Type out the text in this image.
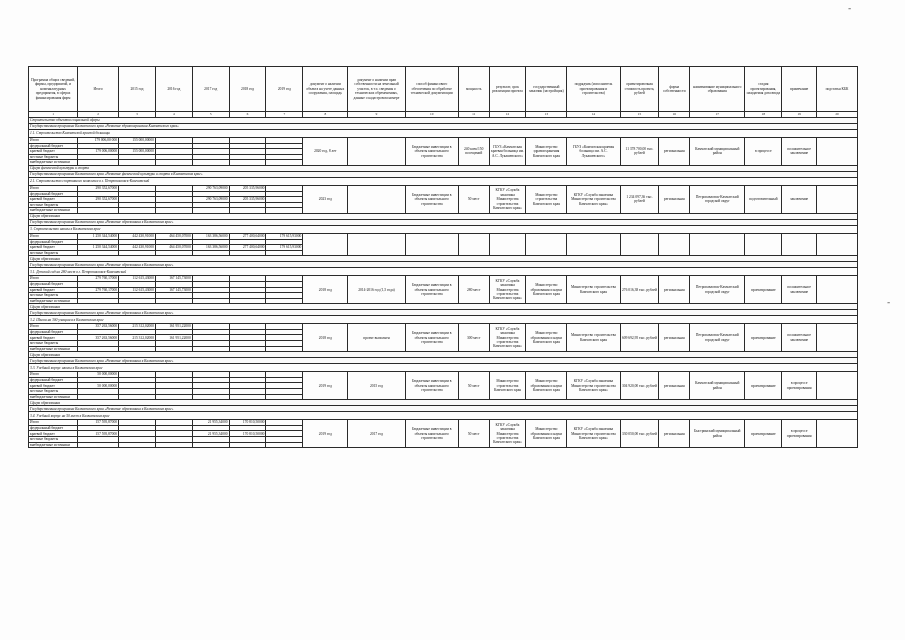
-
-
Программа общих сведений, фирмы, предприятий, и номенклатурных предприятия, в сферах финансирования фирм	Итого	2015 год	2016 год	2017 год	2018 год	2019 год	документ о наличии объекта на учете данных сооружения, площадь	документ о наличии прав собственности на земельный участок, в т.ч. сведения о технических обременениях, данные о кадастровом номере	способ финансового обеспечения по обработке технической документации	мощность	результат, срок реализации проекта	государственный заказчик (застройщик)	подрядчик (исполнитель проектирования и строительства)	ориентировочная стоимость проекта, рублей	форма собственности	наименование муниципального образования	стадия проектирования, ожидаемая дата ввода	примечание	подстатья КБК
1	2	3	4	5	6	7	8	9	10	11	12	13	14	15	16	17	18	19	20
Строительство объектов социальной сферы																			
Государственная программа Камчатского края «Развитие здравоохранения Камчатского края»																			
1.1. Строительство Камчатской краевой больницы																			
Итого	179 006,00 000	155 000,00000					2020 год, 8 лет		Бюджетные инвестиции в объекты капитального строительства	240 коек/150 посещений	ГБУЗ «Камчатская краевая больница им. А.С. Лукашевского»	Министерство здравоохранения Камчатского края	ГБУЗ «Камчатская краевая больница им. А.С. Лукашевского»	11 378 700,00 тыс. рублей	региональная	Камчатский муниципальный район	в процессе	положительное заключение	
федеральный бюджет																			
краевой бюджет	179 006,00000	155 000,00000																	
местные бюджеты																			
внебюджетные источники																			
Сфера физической культуры и спорта																			
Государственная программа Камчатского края «Развитие физической культуры и спорта в Камчатском крае»																			
2.1. Строительство спортивного комплекса в г. Петропавловск-Камчатский																			
Итого	290 352,67000			290 763,09000	205 335,96000		2023 год		Бюджетные инвестиции в объекты капитального строительства	50 мест	КГКУ «Служба заказчика Министерства строительства Камчатского края»	Министерство строительства Камчатского края	КГКУ «Служба заказчика Министерства строительства Камчатского края»	1 234 097,36 тыс. рублей	региональная	Петропавловск-Камчатский городской округ	подготовительный	заключение	
федеральный бюджет																			
краевой бюджет	290 352,67000			290 763,09000	205 335,96000														
местные бюджеты																			
внебюджетные источники																			
Сфера образования																			
Государственная программа Камчатского края «Развитие образования в Камчатском крае»																			
3. Строительство школы в Камчатском крае																			
Итого	1 250 344,54000	442 430,91000	464 450,07000	163 386,56000	277 400,64000	179 615,93000													
федеральный бюджет																			
краевой бюджет	1 250 344,54000	442 430,91000	464 450,07000	163 386,56000	277 400,64000	179 615,93000													
местные бюджеты																			
Сфера образования																			
Государственная программа Камчатского края «Развитие образования в Камчатском крае»																			
3.1. Детский сад на 280 мест в г. Петропавловск-Камчатский																			
Итого	279 760,17000	112 615,43000	167 145,73000				2018 год	2014-2016 год (1,5 года)	Бюджетные инвестиции в объекты капитального строительства	280 мест	КГКУ «Служба заказчика Министерства строительства Камчатского края»	Министерство образования и науки Камчатского края	Министерство строительства Камчатского края	276 016,38 тыс. рублей	региональная	Петропавловск-Камчатский городской округ	проектирование	положительное заключение	
федеральный бюджет																			
краевой бюджет	279 760,17000	112 615,43000	167 145,73000																
местные бюджеты																			
внебюджетные источники																			
Сфера образования																			
Государственная программа Камчатского края «Развитие образования в Камчатском крае»																			
3.2. Школа на 300 учащихся в Камчатском крае																			
Итого	357 263,56000	215 312,02000	161 951,22000				2018 год	проект выполнен	Бюджетные инвестиции в объекты капитального строительства	300 мест	КГКУ «Служба заказчика Министерства строительства Камчатского края»	Министерство образования и науки Камчатского края	Министерство строительства Камчатского края	609 692,95 тыс. рублей	региональная	Петропавловск-Камчатский городской округ	проектирование	положительное заключение	
федеральный бюджет																			
краевой бюджет	357 263,56000	215 312,02000	161 951,22000																
местные бюджеты																			
внебюджетные источники																			
Сфера образования																			
Государственная программа Камчатского края «Развитие образования в Камчатском крае»																			
3.3. Учебный корпус школы в Камчатском крае																			
Итого	50 000,00000						2019 год	2015 год	Бюджетные инвестиции в объекты капитального строительства	50 мест	Министерство строительства Камчатского края	Министерство образования и науки Камчатского края	КГКУ «Служба заказчика Министерства строительства Камчатского края»	304 920,00 тыс. рублей	региональная	Камчатский муниципальный район	проектирование	в процессе проектирования	
федеральный бюджет																			
краевой бюджет	50 000,00000																		
местные бюджеты																			
внебюджетные источники																			
Сфера образования																			
Государственная программа Камчатского края «Развитие образования в Камчатском крае»																			
3.4. Учебный корпус на 50 мест в Камчатском крае																			
Итого	157 595,87000			21 955,34000	170 810,50000		2019 год	2017 год	Бюджетные инвестиции в объекты капитального строительства	50 мест	КГКУ «Служба заказчика Министерства строительства Камчатского края»	Министерство образования и науки Камчатского края	КГКУ «Служба заказчика Министерства строительства Камчатского края»	330 050,00 тыс. рублей	региональная	Быстринский муниципальный район	проектирование	в процессе проектирования	
федеральный бюджет																			
краевой бюджет	157 595,87000			21 955,34000	170 810,50000														
местные бюджеты																			
внебюджетные источники																			
